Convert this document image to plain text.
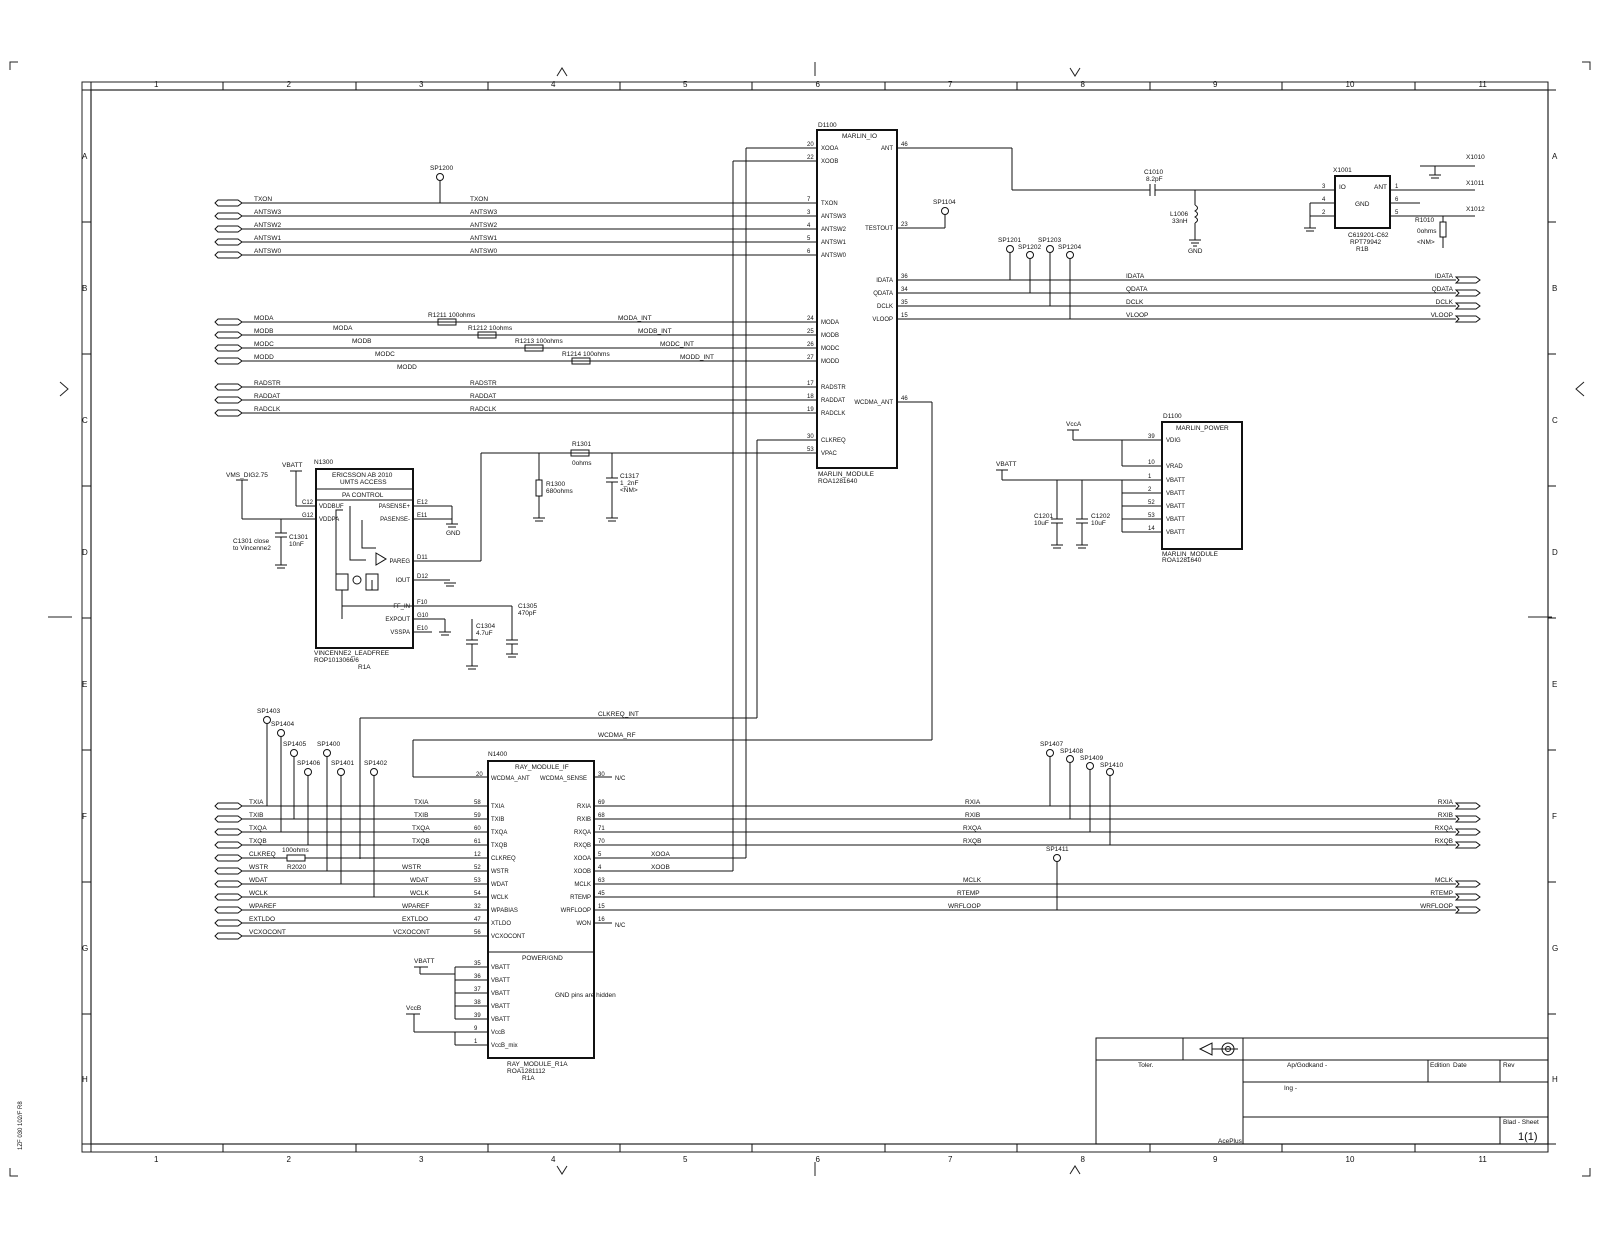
1
1
2
2
3
3
4
4
5
5
6
6
7
7
8
8
9
9
10
10
11
11
A	A
B	B
C	C
D	D
E	E
F	F
G	G
H	H
1ZF 030 102/F R8
D1100
MARLIN_IO
MARLIN_MODULE
ROA1281640
20
XOOA
22
XOOB
7
TXON
3
ANTSW3
4
ANTSW2
5
ANTSW1
6
ANTSW0
24
MODA
25
MODB
26
MODC
27
MODD
17
RADSTR
18
RADDAT
19
RADCLK
30
CLKREQ
53
VPAC
46
ANT
23
TESTOUT
36
IDATA
34
QDATA
35
DCLK
15
VLOOP
46
WCDMA_ANT
TXON	TXON
ANTSW3	ANTSW3
ANTSW2	ANTSW2
ANTSW1	ANTSW1
ANTSW0	ANTSW0
R1211 100ohms
MODA
MODA
MODA_INT
R1212 10ohms
MODB
MODB
MODB_INT
R1213 100ohms
MODC
MODC
MODC_INT
R1214 100ohms
MODD
MODD
MODD_INT
RADSTR	RADSTR
RADDAT	RADDAT
RADCLK	RADCLK
IDATA
IDATA
QDATA
QDATA
DCLK
DCLK
VLOOP
VLOOP
SP1200
SP1104
C1010
8.2pF
L1006
33nH
GND
X1001
IO	ANT
GND
3
4
2
1
6
5
C619201-C62
RPT79942
R1B
R1010
0ohms
<NM>
X1010
X1011
X1012
SP1201
SP1202
SP1203
SP1204
R1301
0ohms
R1300
680ohms
C1317
1_2nF
<NM>
N1300
ERICSSON AB 2010
UMTS ACCESS
PA CONTROL
C12
VDDBUF
G12
VDDPA
E12
PASENSE+
E11
PASENSE-
D11
PAREG
D12
IOUT
F10
FF_IN
G10
EXPOUT
E10
VSSPA
VINCENNE2_LEADFREE
ROP1013066/6
R1A
VBATT
VMS_DIG2.75
C1301
10nF
C1301 close
to Vincenne2
GND
C1305
470pF
C1304
4.7uF
D1100
MARLIN_POWER
MARLIN_MODULE
ROA1281640
39
VDIG
10
VRAD
1
VBATT
2
VBATT
52
VBATT
53
VBATT
14
VBATT
VccA
VBATT
C1201
10uF
C1202
10uF
N1400
RAY_MODULE_IF
POWER/GND
GND pins are hidden
RAY_MODULE_R1A
ROA1281112
R1A
58
TXIA
59
TXIB
60
TXQA
61
TXQB
12
CLKREQ
52
WSTR
53
WDAT
54
WCLK
32
WPABIAS
47
XTLDO
56
VCXOCONT
69
RXIA
68
RXIB
71
RXQA
70
RXQB
5
XOOA
4
XOOB
63
MCLK
45
RTEMP
15
WRFLOOP
16
WON
35
VBATT
36
VBATT
37
VBATT
38
VBATT
39
VBATT
9
VccB
1
VccB_mix
20
WCDMA_ANT
30
WCDMA_SENSE	N/C
N/C
WCDMA_RF
CLKREQ_INT
XOOA
XOOB
VBATT
VccB
100ohms
R2020
TXIA	TXIA
TXIB	TXIB
TXQA	TXQA
TXQB	TXQB
CLKREQ
WSTR	WSTR
WDAT	WDAT
WCLK	WCLK
WPAREF	WPAREF
EXTLDO	EXTLDO
VCXOCONT	VCXOCONT
RXIA
RXIA
RXIB
RXIB
RXQA
RXQA
RXQB
RXQB
MCLK
MCLK
RTEMP
RTEMP
WRFLOOP
WRFLOOP
SP1403
SP1404
SP1405
SP1406
SP1400
SP1401 SP1402
SP1407
SP1408
SP1409
SP1410
SP1411
Toler.	Ap/Godkand -	Edition Date	Rev
Ing -
Blad - Sheet
1(1)
AcePlus
